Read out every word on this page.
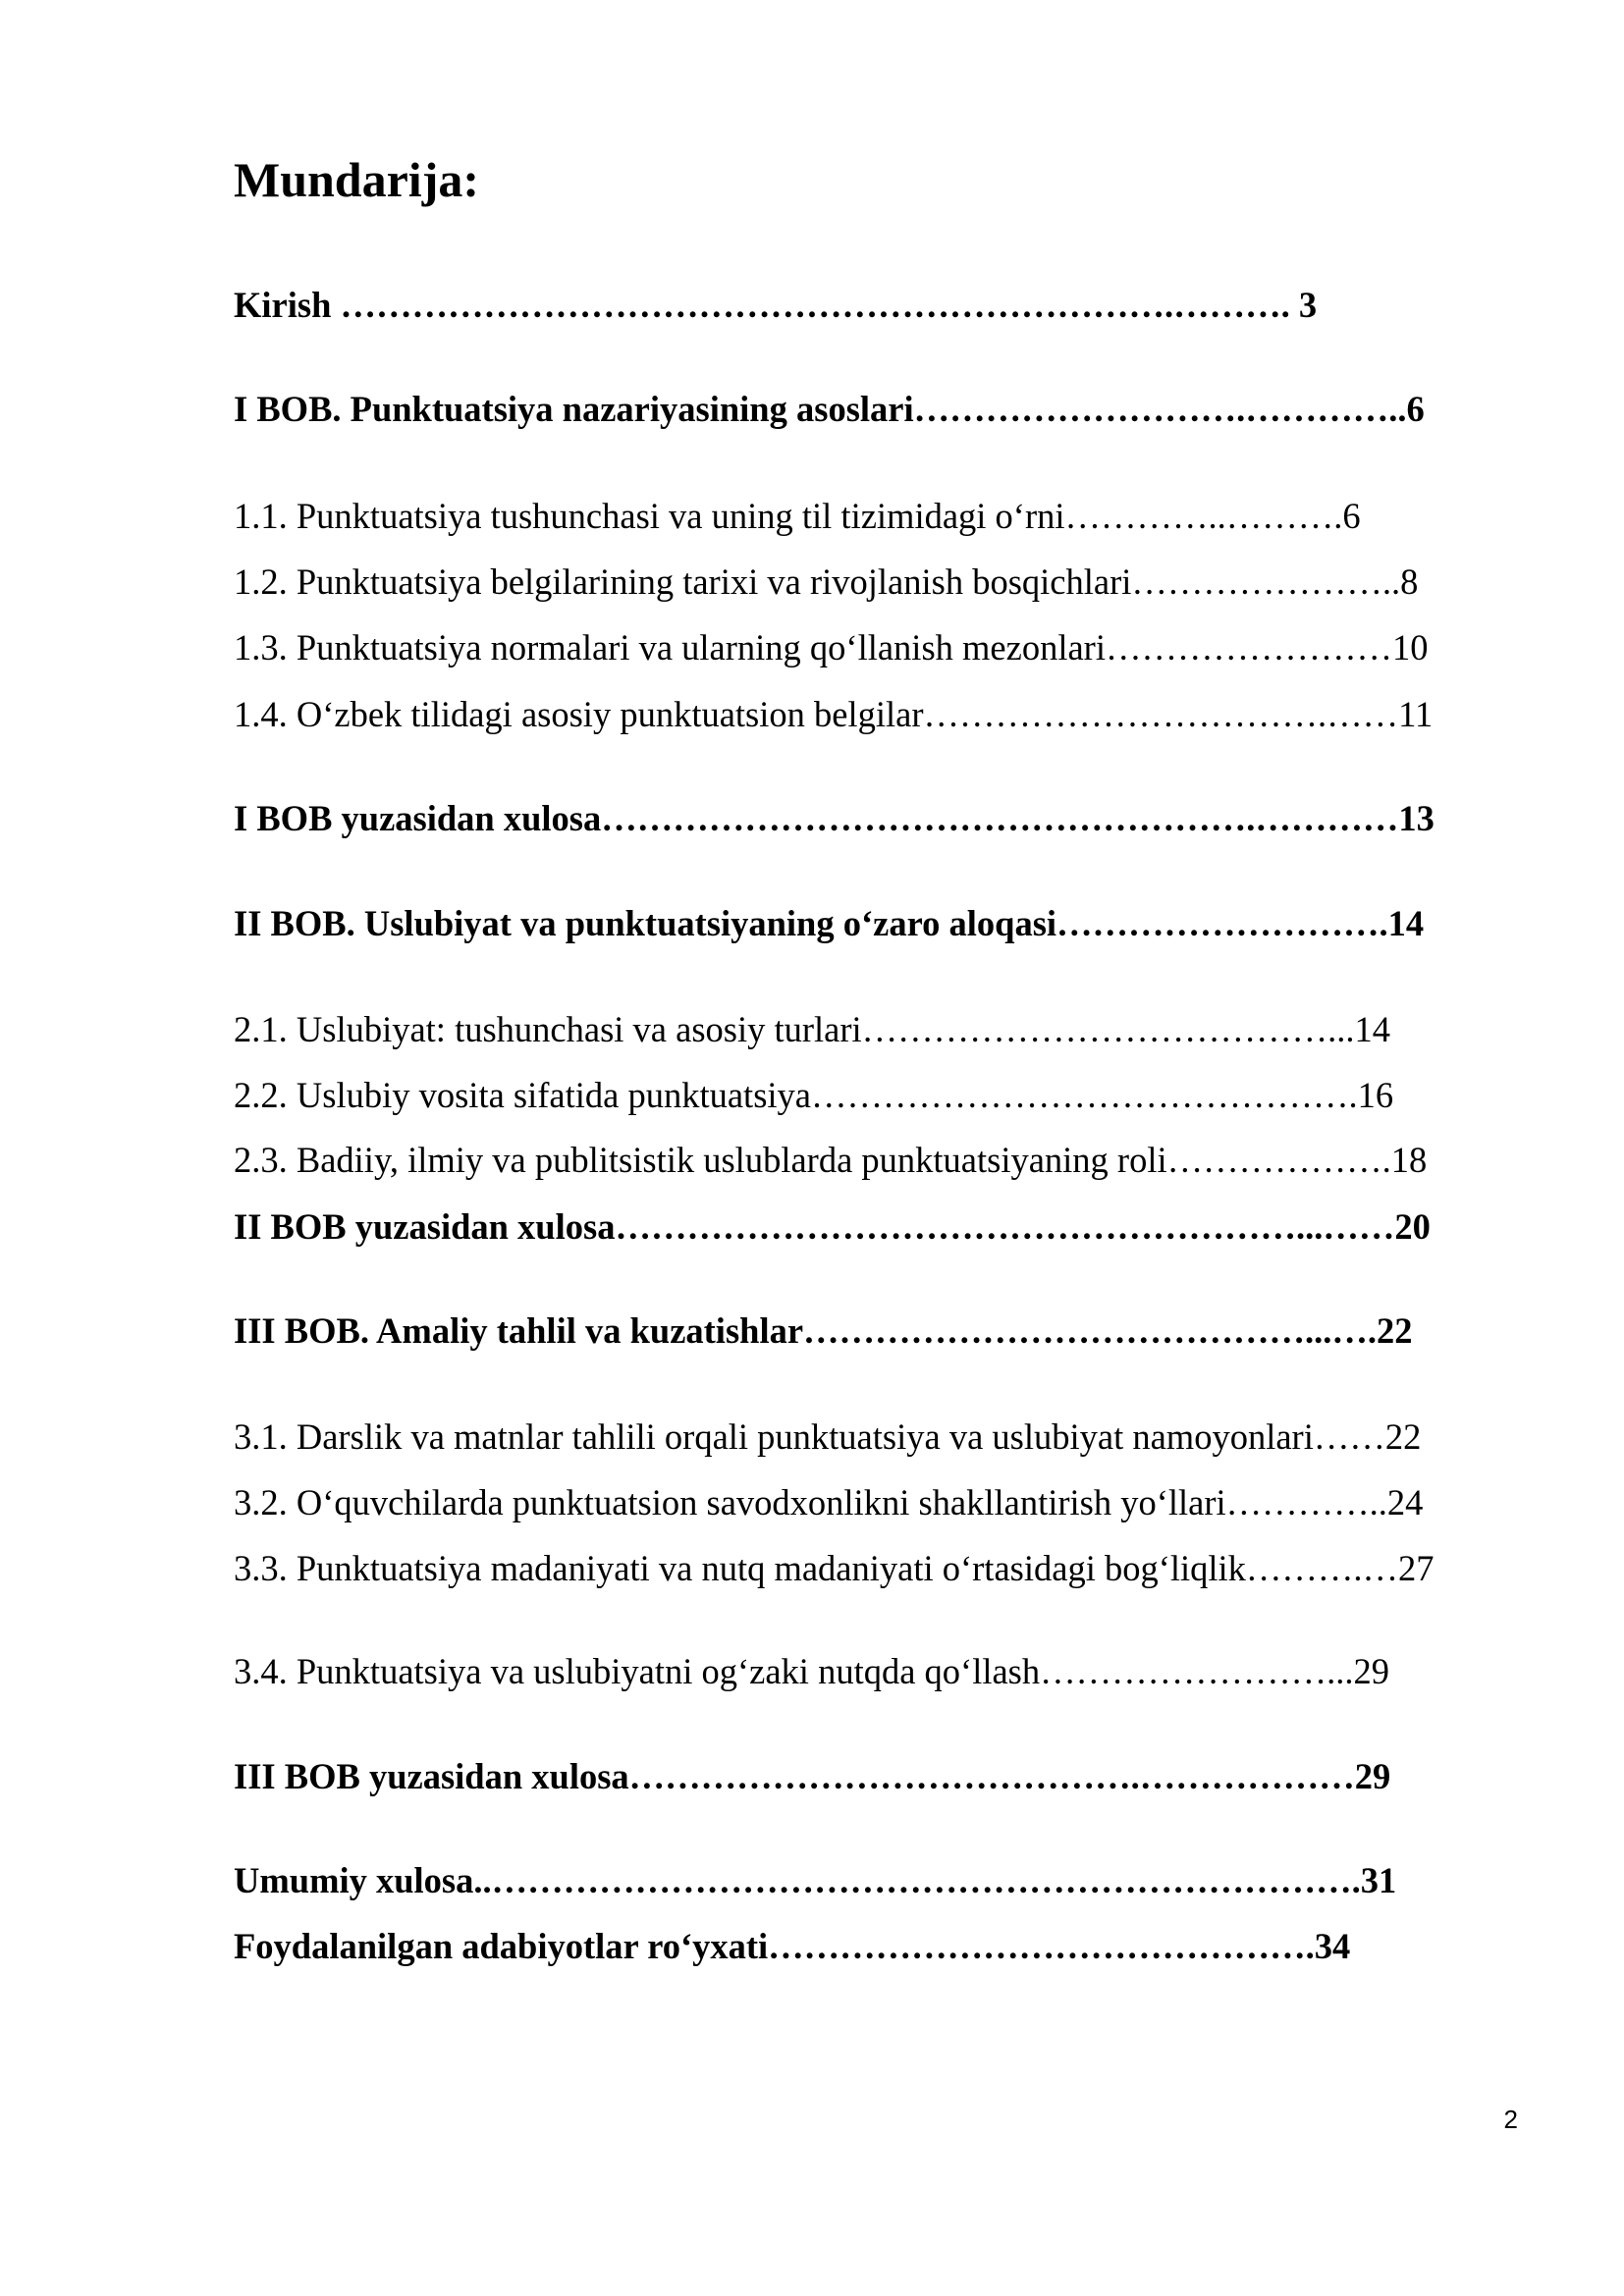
Mundarija:
Kirish …………………………………………………………….………. 3
I BOB. Punktuatsiya nazariyasining asoslari……………………….…………..6
1.1. Punktuatsiya tushunchasi va uning til tizimidagi o‘rni…………..……….6
1.2. Punktuatsiya belgilarining tarixi va rivojlanish bosqichlari…………………..8
1.3. Punktuatsiya normalari va ularning qo‘llanish mezonlari……………………10
1.4. O‘zbek tilidagi asosiy punktuatsion belgilar…………………………….……11
I BOB yuzasidan xulosa……………………………………………….…………13
II BOB. Uslubiyat va punktuatsiyaning o‘zaro aloqasi……………………….14
2.1. Uslubiyat: tushunchasi va asosiy turlari…………………………………...14
2.2. Uslubiy vosita sifatida punktuatsiya……………………………………….16
2.3. Badiiy, ilmiy va publitsistik uslublarda punktuatsiyaning roli……………….18
II BOB yuzasidan xulosa…………………………………………………...……20
III BOB. Amaliy tahlil va kuzatishlar……………………………………...….22
3.1. Darslik va matnlar tahlili orqali punktuatsiya va uslubiyat namoyonlari……22
3.2. O‘quvchilarda punktuatsion savodxonlikni shakllantirish yo‘llari…………..24
3.3. Punktuatsiya madaniyati va nutq madaniyati o‘rtasidagi bog‘liqlik……….…27
3.4. Punktuatsiya va uslubiyatni og‘zaki nutqda qo‘llash……………………...29
III BOB yuzasidan xulosa…………………………………….………………29
Umumiy xulosa..……………………………………………………………….31
Foydalanilgan adabiyotlar ro‘yxati……………………………………….34
2
